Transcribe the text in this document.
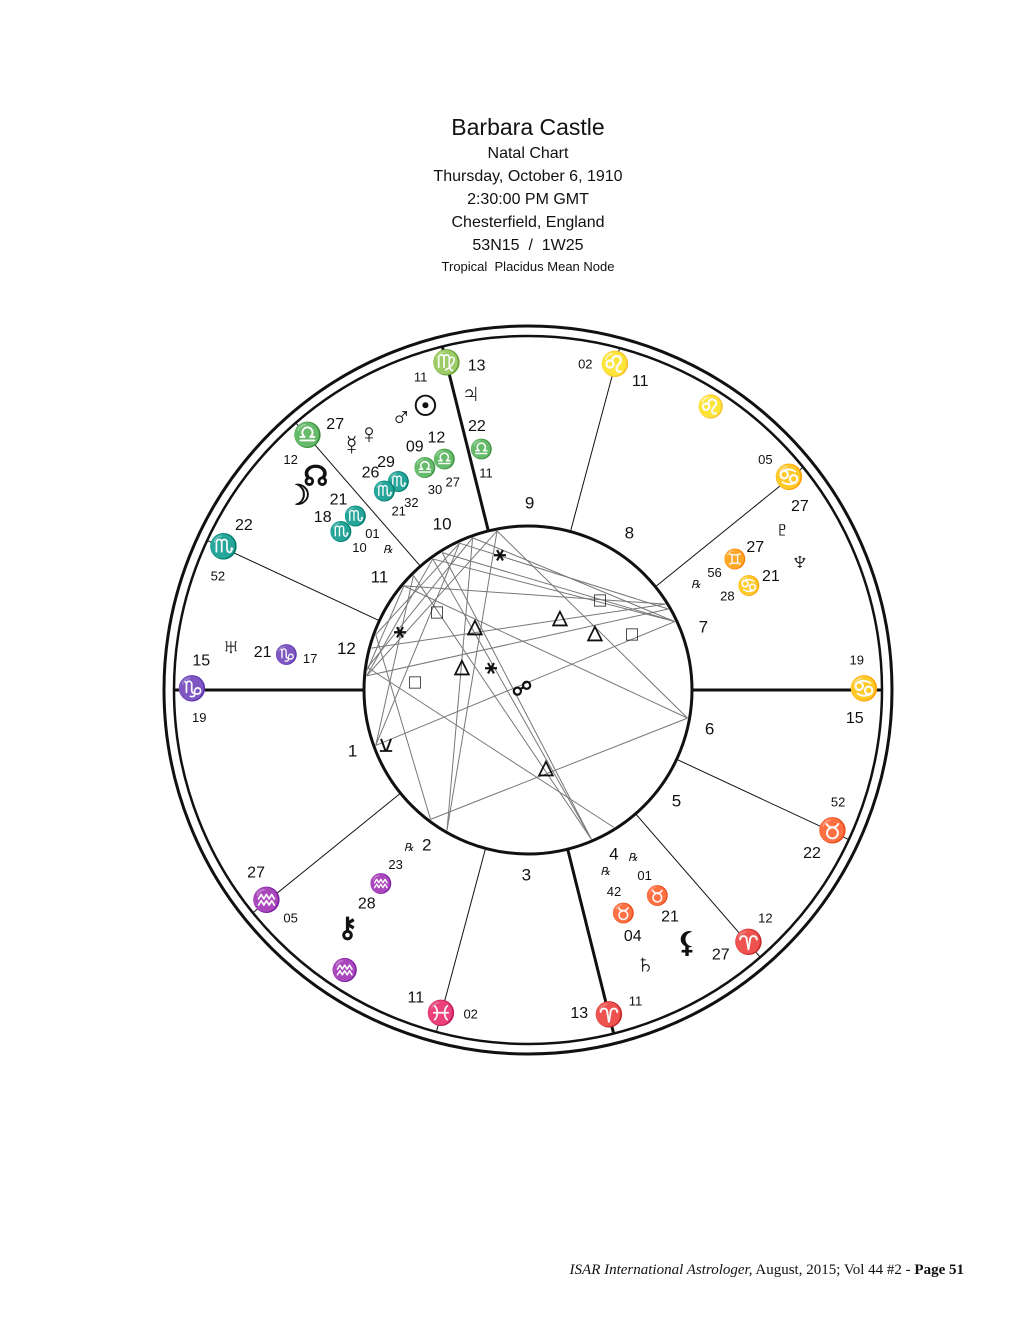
Barbara Castle
Natal Chart
Thursday, October 6, 1910
2:30:00 PM GMT
Chesterfield, England
53N15  /  1W25
Tropical  Placidus Mean Node
♑
15
19
♒
27
05
♓
11
02	♈
13
11
♈
27
12
♉
22
52
♋
15
19
♋
27
05
♌
11
02
♍ 13
11
♎ 27
12
♏
22
52
♒
♌
1
2
3
4
5
6
7
8
9
10
11
12
♃
22
♎
11
☉
12
♎
27
♂
09
♎
30
♀
29
♏
32
☿
26
♏
21
☊
21
♏
01
℞
☽
18
♏
10	♆
21
♋
28
♇
27
♊
56
℞
♄
04
♉
42
℞
♅ 21 ♑ 17
⚷
28
♒
23
℞
⚸
21
♉
01
℞
⚹
□
△	△
□
△ □
△ ⚹
□	☍
△
⚺
⚹
ISAR International Astrologer, August, 2015; Vol 44 #2 - Page 51
